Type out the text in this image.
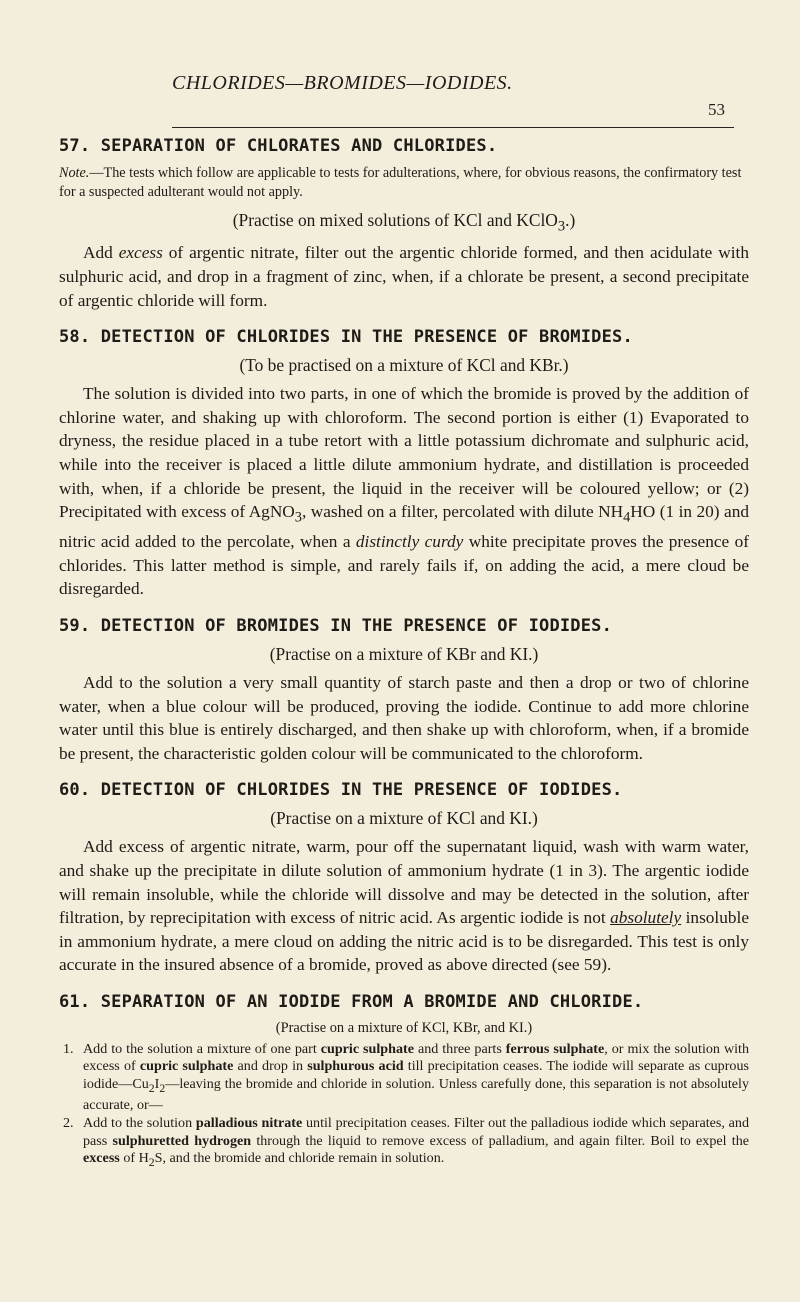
CHLORIDES—BROMIDES—IODIDES.
53
57. SEPARATION OF CHLORATES AND CHLORIDES.
Note.—The tests which follow are applicable to tests for adulterations, where, for obvious reasons, the confirmatory test for a suspected adulterant would not apply.
(Practise on mixed solutions of KCl and KClO$_3$.)

Add excess of argentic nitrate, filter out the argentic chloride formed, and then acidulate with sulphuric acid, and drop in a fragment of zinc, when, if a chlorate be present, a second precipitate of argentic chloride will form.

58. DETECTION OF CHLORIDES IN THE PRESENCE OF BROMIDES.
(To be practised on a mixture of KCl and KBr.)

The solution is divided into two parts, in one of which the bromide is proved by the addition of chlorine water, and shaking up with chloroform. The second portion is either (1) Evaporated to dryness, the residue placed in a tube retort with a little potassium dichromate and sulphuric acid, while into the receiver is placed a little dilute ammonium hydrate, and distillation is proceeded with, when, if a chloride be present, the liquid in the receiver will be coloured yellow; or (2) Precipitated with excess of AgNO$_3$, washed on a filter, percolated with dilute $NH_4HO$ (1 in 20) and nitric acid added to the percolate, when a distinctly curdy white precipitate proves the presence of chlorides. This latter method is simple, and rarely fails if, on adding the acid, a mere cloud be disregarded.

59. DETECTION OF BROMIDES IN THE PRESENCE OF IODIDES.
(Practise on a mixture of KBr and KI.)

Add to the solution a very small quantity of starch paste and then a drop or two of chlorine water, when a blue colour will be produced, proving the iodide. Continue to add more chlorine water until this blue is entirely discharged, and then shake up with chloroform, when, if a bromide be present, the characteristic golden colour will be communicated to the chloroform.

60. DETECTION OF CHLORIDES IN THE PRESENCE OF IODIDES.
(Practise on a mixture of KCl and KI.)

Add excess of argentic nitrate, warm, pour off the supernatant liquid, wash with warm water, and shake up the precipitate in dilute solution of ammonium hydrate (1 in 3). The argentic iodide will remain insoluble, while the chloride will dissolve and may be detected in the solution, after filtration, by reprecipitation with excess of nitric acid. As argentic iodide is not absolutely insoluble in ammonium hydrate, a mere cloud on adding the nitric acid is to be disregarded. This test is only accurate in the insured absence of a bromide, proved as above directed (see 59).

61. SEPARATION OF AN IODIDE FROM A BROMIDE AND CHLORIDE.
(Practise on a mixture of KCl, KBr, and KI.)
1. Add to the solution a mixture of one part cupric sulphate and three parts ferrous sulphate, or mix the solution with excess of cupric sulphate and drop in sulphurous acid till precipitation ceases. The iodide will separate as cuprous $iodide—Cu_2I_2—leaving$ the bromide and chloride in solution. Unless carefully done, this separation is not absolutely accurate, or—
2. Add to the solution palladious nitrate until precipitation ceases. Filter out the palladious iodide which separates, and pass sulphuretted hydrogen through the liquid to remove excess of palladium, and again filter. Boil to expel the excess of $H_2S$, and the bromide and chloride remain in solution.
